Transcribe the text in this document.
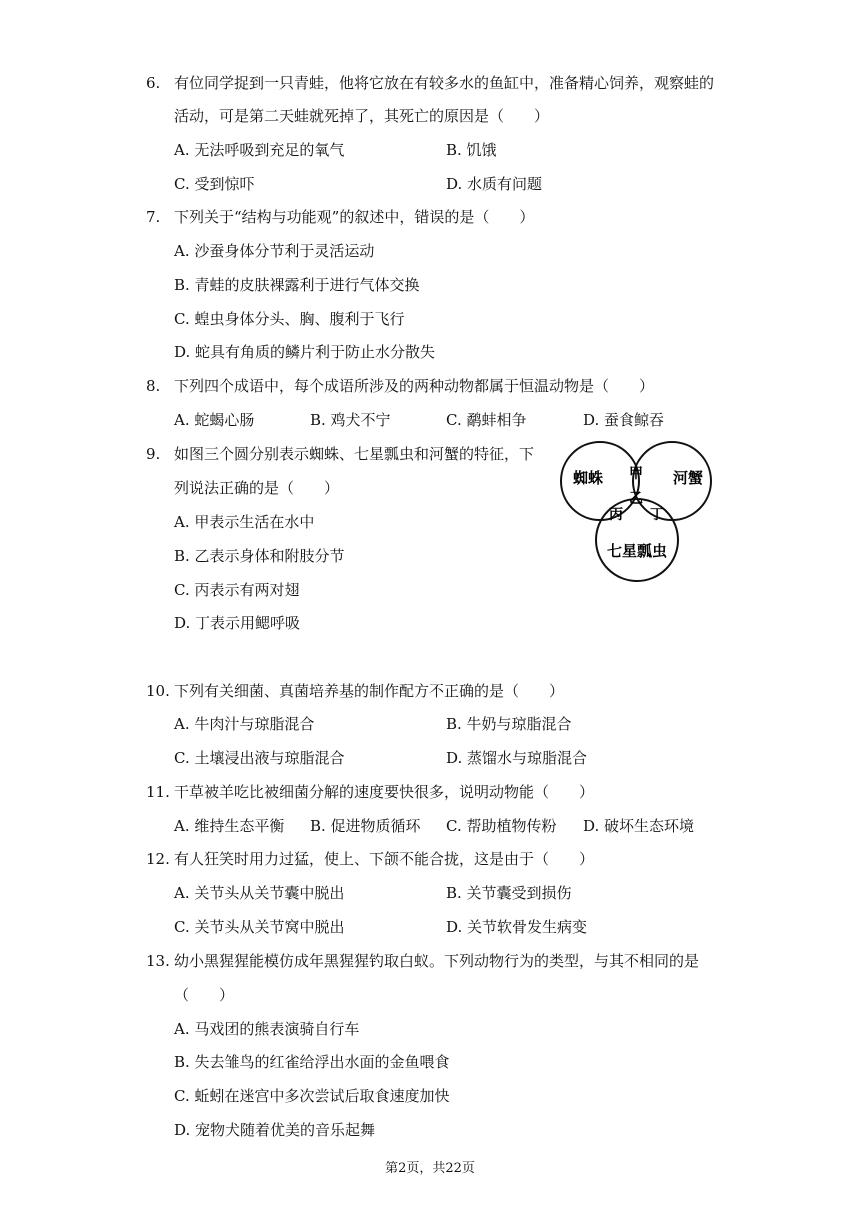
6. 有位同学捉到一只青蛙，他将它放在有较多水的鱼缸中，准备精心饲养，观察蛙的
活动，可是第二天蛙就死掉了，其死亡的原因是（　　）
A. 无法呼吸到充足的氧气	B. 饥饿
C. 受到惊吓	D. 水质有问题
7. 下列关于“结构与功能观”的叙述中，错误的是（　　）
A. 沙蚕身体分节利于灵活运动
B. 青蛙的皮肤裸露利于进行气体交换
C. 蝗虫身体分头、胸、腹利于飞行
D. 蛇具有角质的鳞片利于防止水分散失
8. 下列四个成语中，每个成语所涉及的两种动物都属于恒温动物是（　　）
A. 蛇蝎心肠	B. 鸡犬不宁	C. 鹬蚌相争	D. 蚕食鲸吞
9. 如图三个圆分别表示蜘蛛、七星瓢虫和河蟹的特征，下
列说法正确的是（　　）
A. 甲表示生活在水中
B. 乙表示身体和附肢分节
C. 丙表示有两对翅
D. 丁表示用鳃呼吸
蜘蛛	河蟹
七星瓢虫
甲
乙
丙 丁
10. 下列有关细菌、真菌培养基的制作配方不正确的是（　　）
A. 牛肉汁与琼脂混合	B. 牛奶与琼脂混合
C. 土壤浸出液与琼脂混合	D. 蒸馏水与琼脂混合
11. 干草被羊吃比被细菌分解的速度要快很多，说明动物能（　　）
A. 维持生态平衡 B. 促进物质循环 C. 帮助植物传粉 D. 破坏生态环境
12. 有人狂笑时用力过猛，使上、下颌不能合拢，这是由于（　　）
A. 关节头从关节囊中脱出	B. 关节囊受到损伤
C. 关节头从关节窝中脱出	D. 关节软骨发生病变
13. 幼小黑猩猩能模仿成年黑猩猩钓取白蚁。下列动物行为的类型，与其不相同的是
（　　）
A. 马戏团的熊表演骑自行车
B. 失去雏鸟的红雀给浮出水面的金鱼喂食
C. 蚯蚓在迷宫中多次尝试后取食速度加快
D. 宠物犬随着优美的音乐起舞
第2页，共22页
